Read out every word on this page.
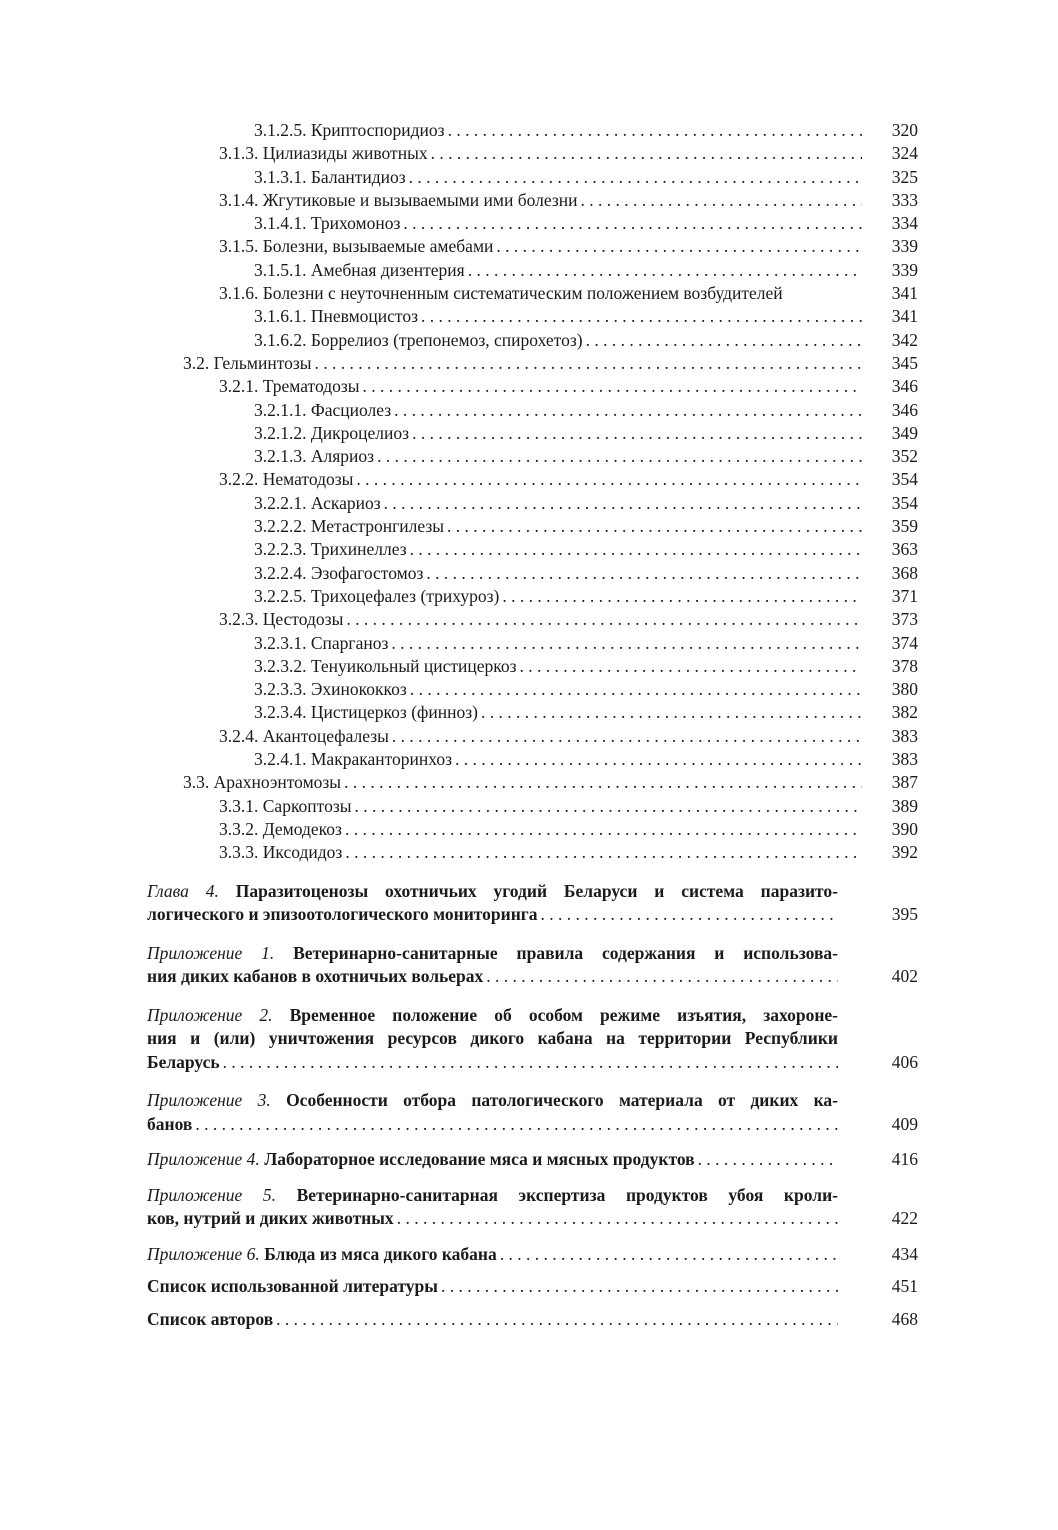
3.1.2.5. Криптоспоридиоз . . .	320
3.1.3. Цилиазиды животных . . .	324
3.1.3.1. Балантидиоз . . .	325
3.1.4. Жгутиковые и вызываемыми ими болезни . . .	333
3.1.4.1. Трихомоноз . . .	334
3.1.5. Болезни, вызываемые амебами . . .	339
3.1.5.1. Амебная дизентерия . . .	339
3.1.6. Болезни с неуточненным систематическим положением возбудителей	341
3.1.6.1. Пневмоцистоз . . .	341
3.1.6.2. Боррелиоз (трепонемоз, спирохетоз) . . .	342
3.2. Гельминтозы . . .	345
3.2.1. Трематодозы . . .	346
3.2.1.1. Фасциолез . . .	346
3.2.1.2. Дикроцелиоз . . .	349
3.2.1.3. Аляриоз . . .	352
3.2.2. Нематодозы . . .	354
3.2.2.1. Аскариоз . . .	354
3.2.2.2. Метастронгилезы . . .	359
3.2.2.3. Трихинеллез . . .	363
3.2.2.4. Эзофагостомоз . . .	368
3.2.2.5. Трихоцефалез (трихуроз) . . .	371
3.2.3. Цестодозы . . .	373
3.2.3.1. Спарганоз . . .	374
3.2.3.2. Тенуикольный цистицеркоз . . .	378
3.2.3.3. Эхинококкоз . . .	380
3.2.3.4. Цистицеркоз (финноз) . . .	382
3.2.4. Акантоцефалезы . . .	383
3.2.4.1. Макраканторинхоз . . .	383
3.3. Арахноэнтомозы . . .	387
3.3.1. Саркоптозы . . .	389
3.3.2. Демодекоз . . .	390
3.3.3. Иксодидоз . . .	392
Глава 4. Паразитоценозы охотничьих угодий Беларуси и система паразито-
логического и эпизоотологического мониторинга . . .	395
Приложение 1. Ветеринарно-санитарные правила содержания и использова-
ния диких кабанов в охотничьих вольерах . . .	402
Приложение 2. Временное положение об особом режиме изъятия, захороне-
ния и (или) уничтожения ресурсов дикого кабана на территории Республики
Беларусь . . .	406
Приложение 3. Особенности отбора патологического материала от диких ка-
банов . . .	409
Приложение 4.
Лабораторное исследование мяса и мясных продуктов . . .	416
Приложение 5. Ветеринарно-санитарная экспертиза продуктов убоя кроли-
ков, нутрий и диких животных . . .	422
Приложение 6.
Блюда из мяса дикого кабана . . .	434
Список использованной литературы . . .	451
Список авторов . . .	468
